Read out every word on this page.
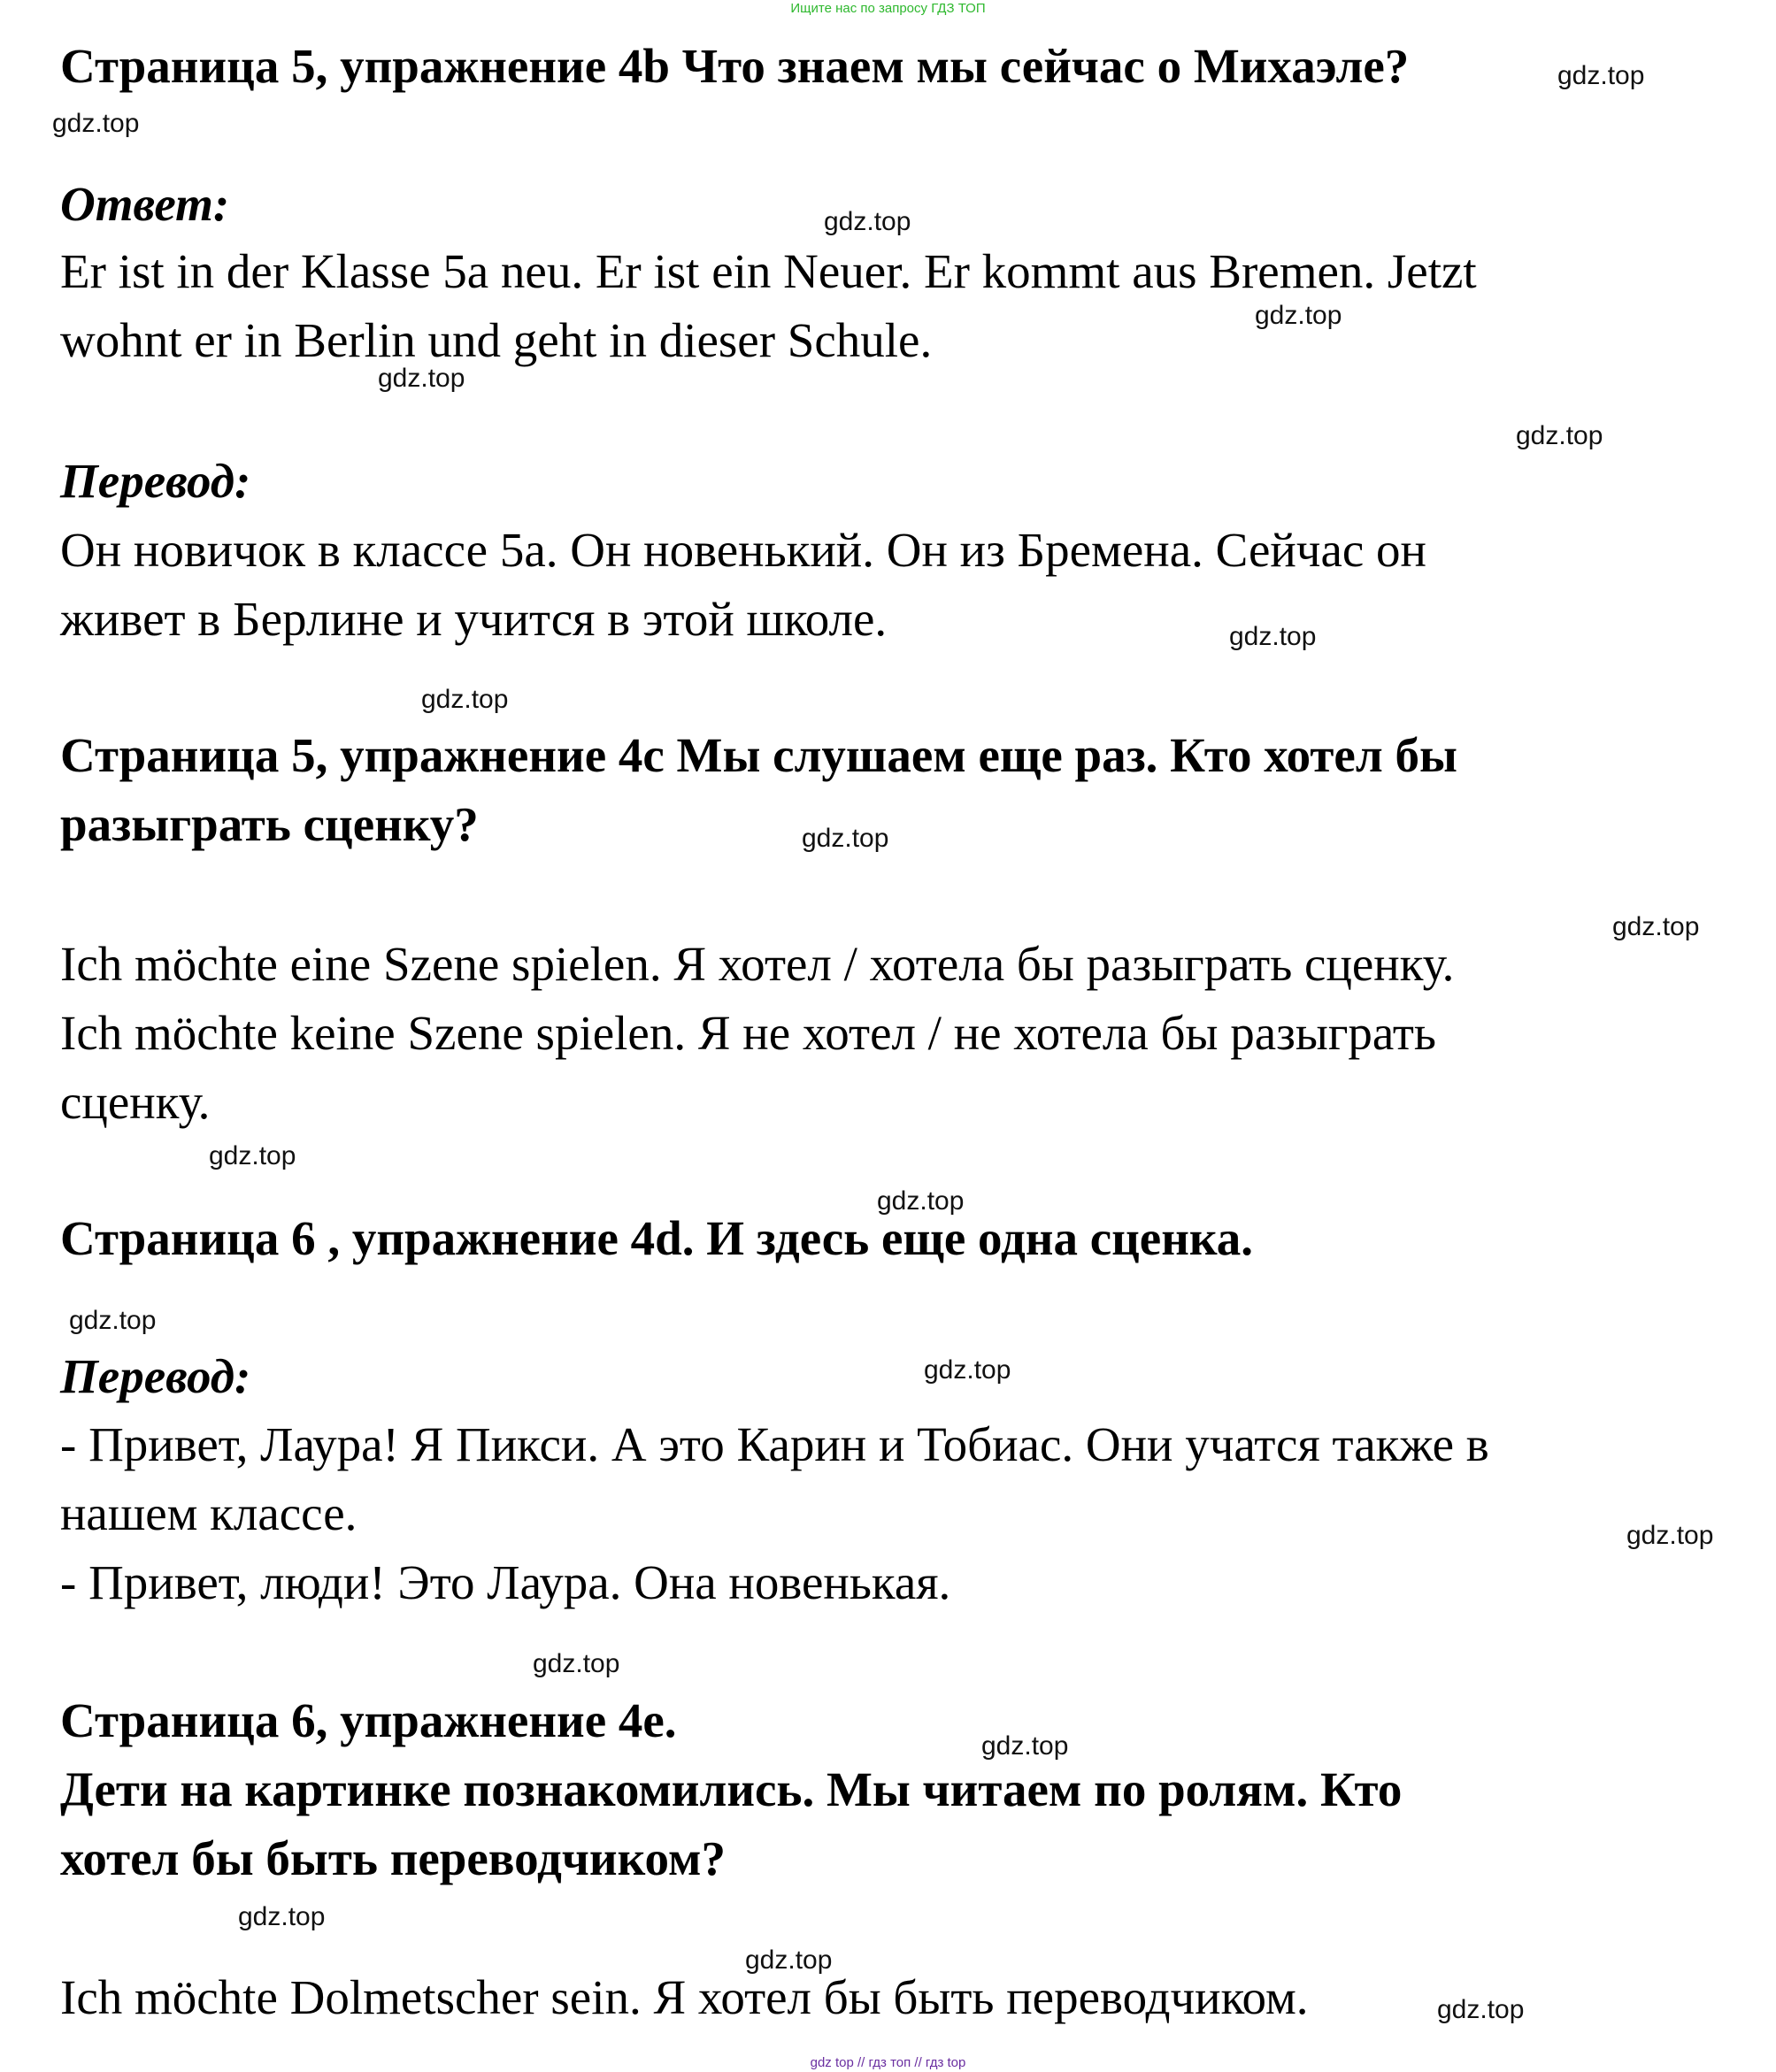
Ищите нас по запросу ГДЗ ТОП
Страница 5, упражнение 4b Что знаем мы сейчас о Михаэле?
Ответ:
Er ist in der Klasse 5a neu. Er ist ein Neuer. Er kommt aus Bremen. Jetzt
wohnt er in Berlin und geht in dieser Schule.
Перевод:
Он новичок в классе 5а. Он новенький. Он из Бремена. Сейчас он
живет в Берлине и учится в этой школе.
Страница 5, упражнение 4с Мы слушаем еще раз. Кто хотел бы
разыграть сценку?
Ich möchte eine Szene spielen. Я хотел / хотела бы разыграть сценку.
Ich möchte keine Szene spielen. Я не хотел / не хотела бы разыграть
сценку.
Страница 6 , упражнение 4d. И здесь еще одна сценка.
Перевод:
- Привет, Лаура! Я Пикси. А это Карин и Тобиас. Они учатся также в
нашем классе.
- Привет, люди! Это Лаура. Она новенькая.
Страница 6, упражнение 4e.
Дети на картинке познакомились. Мы читаем по ролям. Кто
хотел бы быть переводчиком?
Ich möchte Dolmetscher sein. Я хотел бы быть переводчиком.
gdz.top
gdz.top
gdz.top
gdz.top
gdz.top
gdz.top
gdz.top
gdz.top
gdz.top
gdz.top
gdz.top
gdz.top
gdz.top
gdz.top
gdz.top
gdz.top
gdz.top
gdz.top
gdz.top
gdz.top
gdz top // гдз топ // гдз top
